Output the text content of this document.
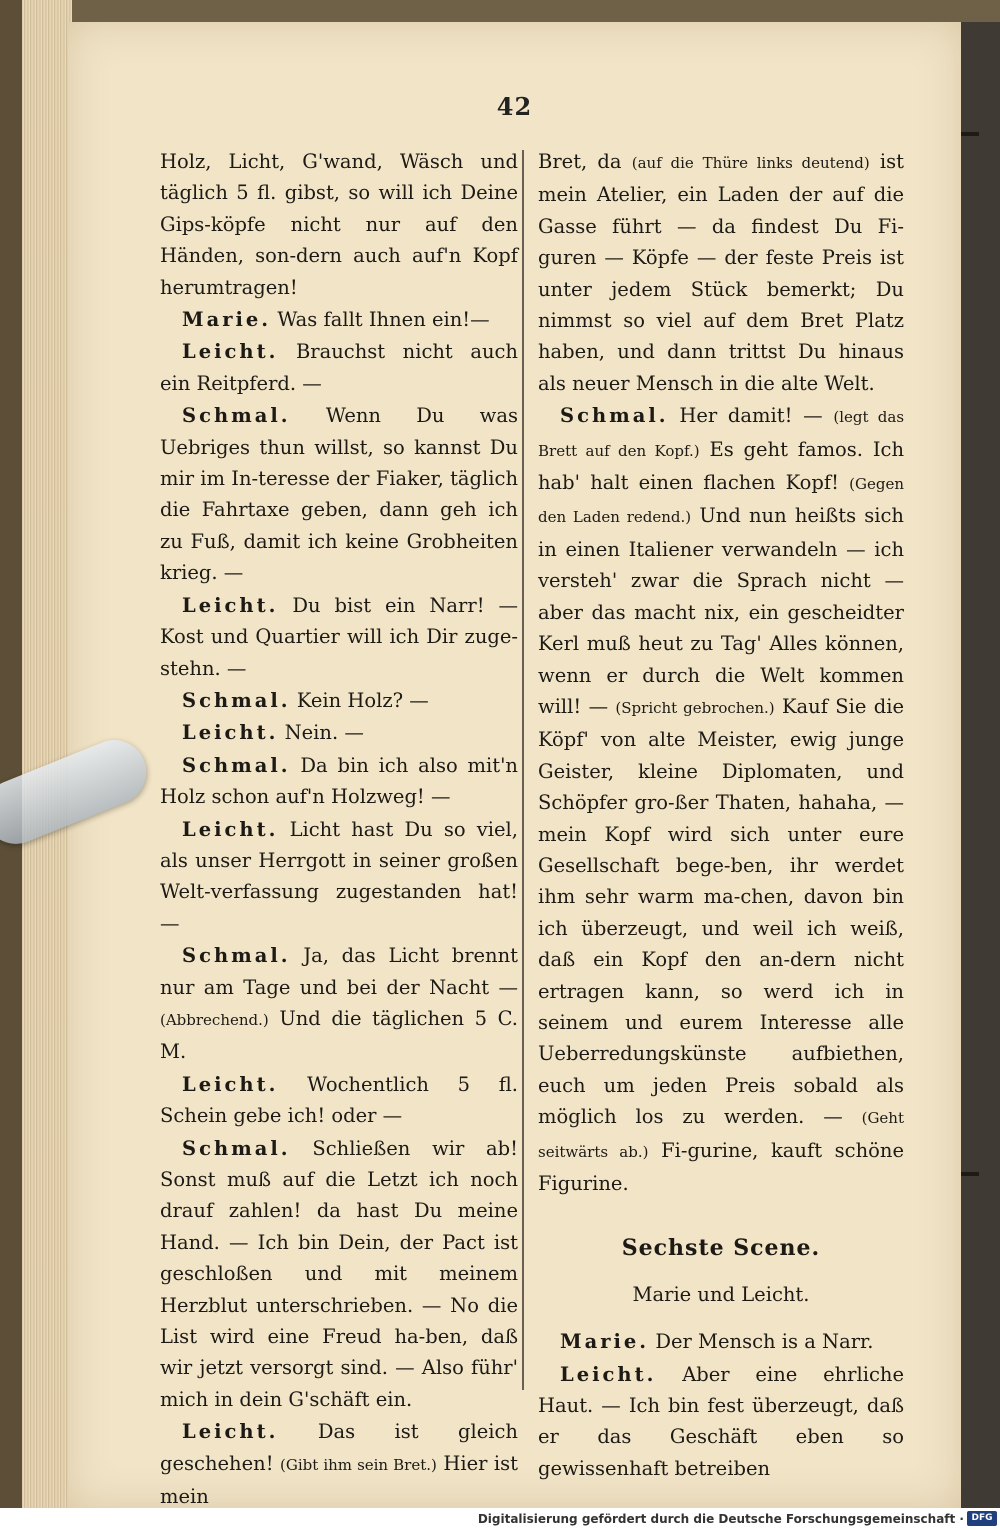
42

Holz, Licht, G'wand, Wäsch und täglich 5 fl. gibst, so will ich Deine Gips-köpfe nicht nur auf den Händen, son-dern auch auf'n Kopf herumtragen!

Marie. Was fallt Ihnen ein!—

Leicht. Brauchst nicht auch ein Reitpferd. —

Schmal. Wenn Du was Uebriges thun willst, so kannst Du mir im In-teresse der Fiaker, täglich die Fahrtaxe geben, dann geh ich zu Fuß, damit ich keine Grobheiten krieg. —

Leicht. Du bist ein Narr! — Kost und Quartier will ich Dir zuge-stehn. —

Schmal. Kein Holz? —

Leicht. Nein. —

Schmal. Da bin ich also mit'n Holz schon auf'n Holzweg! —

Leicht. Licht hast Du so viel, als unser Herrgott in seiner großen Welt-verfassung zugestanden hat! —

Schmal. Ja, das Licht brennt nur am Tage und bei der Nacht — (Abbrechend.) Und die täglichen 5 C. M.

Leicht. Wochentlich 5 fl. Schein gebe ich! oder —

Schmal. Schließen wir ab! Sonst muß auf die Letzt ich noch drauf zahlen! da hast Du meine Hand. — Ich bin Dein, der Pact ist geschloßen und mit meinem Herzblut unterschrieben. — No die List wird eine Freud ha-ben, daß wir jetzt versorgt sind. — Also führ' mich in dein G'schäft ein.

Leicht. Das ist gleich geschehen! (Gibt ihm sein Bret.) Hier ist mein

Bret, da (auf die Thüre links deutend) ist mein Atelier, ein Laden der auf die Gasse führt — da findest Du Fi-guren — Köpfe — der feste Preis ist unter jedem Stück bemerkt; Du nimmst so viel auf dem Bret Platz haben, und dann trittst Du hinaus als neuer Mensch in die alte Welt.

Schmal. Her damit! — (legt das Brett auf den Kopf.) Es geht famos. Ich hab' halt einen flachen Kopf! (Gegen den Laden redend.) Und nun heißts sich in einen Italiener verwandeln — ich versteh' zwar die Sprach nicht — aber das macht nix, ein gescheidter Kerl muß heut zu Tag' Alles können, wenn er durch die Welt kommen will! — (Spricht gebrochen.) Kauf Sie die Köpf' von alte Meister, ewig junge Geister, kleine Diplomaten, und Schöpfer gro-ßer Thaten, hahaha, — mein Kopf wird sich unter eure Gesellschaft bege-ben, ihr werdet ihm sehr warm ma-chen, davon bin ich überzeugt, und weil ich weiß, daß ein Kopf den an-dern nicht ertragen kann, so werd ich in seinem und eurem Interesse alle Ueberredungskünste aufbiethen, euch um jeden Preis sobald als möglich los zu werden. — (Geht seitwärts ab.) Fi-gurine, kauft schöne Figurine.

Sechste Scene.
Marie und Leicht.

Marie. Der Mensch is a Narr.

Leicht. Aber eine ehrliche Haut. — Ich bin fest überzeugt, daß er das Geschäft eben so gewissenhaft betreiben

Digitalisierung gefördert durch die Deutsche Forschungsgemeinschaft · DFG
